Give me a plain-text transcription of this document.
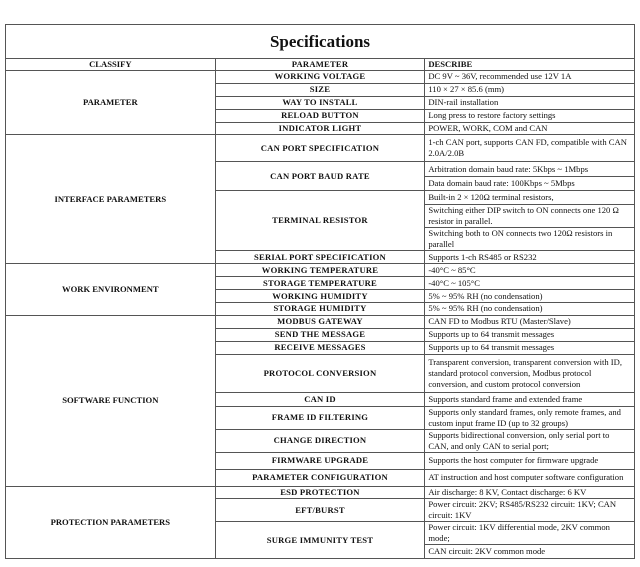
Specifications		
CLASSIFY	PARAMETER	DESCRIBE
PARAMETER	WORKING VOLTAGE	DC 9V ~ 36V, recommended use 12V 1A
	SIZE	110 × 27 × 85.6 (mm)
	WAY TO INSTALL	DIN-rail installation
	RELOAD BUTTON	Long press to restore factory settings
	INDICATOR LIGHT	POWER, WORK, COM and CAN
INTERFACE PARAMETERS	CAN PORT SPECIFICATION	1-ch CAN port, supports CAN FD, compatible with CAN 2.0A/2.0B
	CAN PORT BAUD RATE	Arbitration domain baud rate: 5Kbps ~ 1Mbps
		Data domain baud rate: 100Kbps ~ 5Mbps
	TERMINAL RESISTOR	Built-in 2 × 120Ω terminal resistors,
		Switching either DIP switch to ON connects one 120 Ω resistor in parallel.
		Switching both to ON connects two 120Ω resistors in parallel
	SERIAL PORT SPECIFICATION	Supports 1-ch RS485 or RS232
WORK ENVIRONMENT	WORKING TEMPERATURE	-40°C ~ 85°C
	STORAGE TEMPERATURE	-40°C ~ 105°C
	WORKING HUMIDITY	5% ~ 95% RH (no condensation)
	STORAGE HUMIDITY	5% ~ 95% RH (no condensation)
SOFTWARE FUNCTION	MODBUS GATEWAY	CAN FD to Modbus RTU (Master/Slave)
	SEND THE MESSAGE	Supports up to 64 transmit messages
	RECEIVE MESSAGES	Supports up to 64 transmit messages
	PROTOCOL CONVERSION	Transparent conversion, transparent conversion with ID, standard protocol conversion, Modbus protocol conversion, and custom protocol conversion
	CAN ID	Supports standard frame and extended frame
	FRAME ID FILTERING	Supports only standard frames, only remote frames, and custom input frame ID (up to 32 groups)
	CHANGE DIRECTION	Supports bidirectional conversion, only serial port to CAN, and only CAN to serial port;
	FIRMWARE UPGRADE	Supports the host computer for firmware upgrade
	PARAMETER CONFIGURATION	AT instruction and host computer software configuration
PROTECTION PARAMETERS	ESD PROTECTION	Air discharge: 8 KV, Contact discharge: 6 KV
	EFT/BURST	Power circuit: 2KV; RS485/RS232 circuit: 1KV; CAN circuit: 1KV
	SURGE IMMUNITY TEST	Power circuit: 1KV differential mode, 2KV common mode;
		CAN circuit: 2KV common mode
